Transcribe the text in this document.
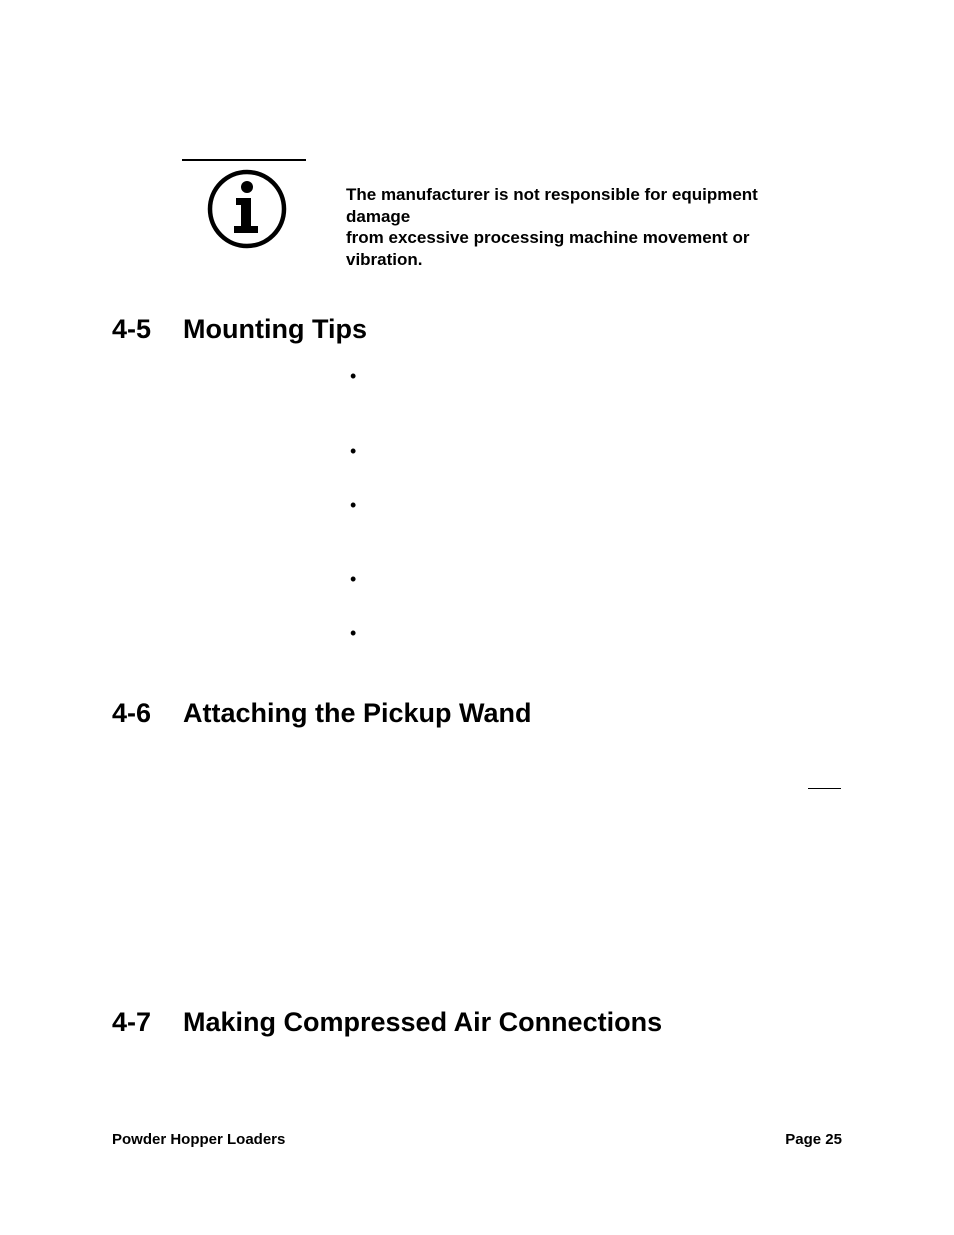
The manufacturer is not responsible for equipment
damage
from excessive processing machine movement or
vibration.
4-5 Mounting Tips
•
•
•
•
•
4-6 Attaching the Pickup Wand
4-7 Making Compressed Air Connections
Powder Hopper Loaders	Page 25
